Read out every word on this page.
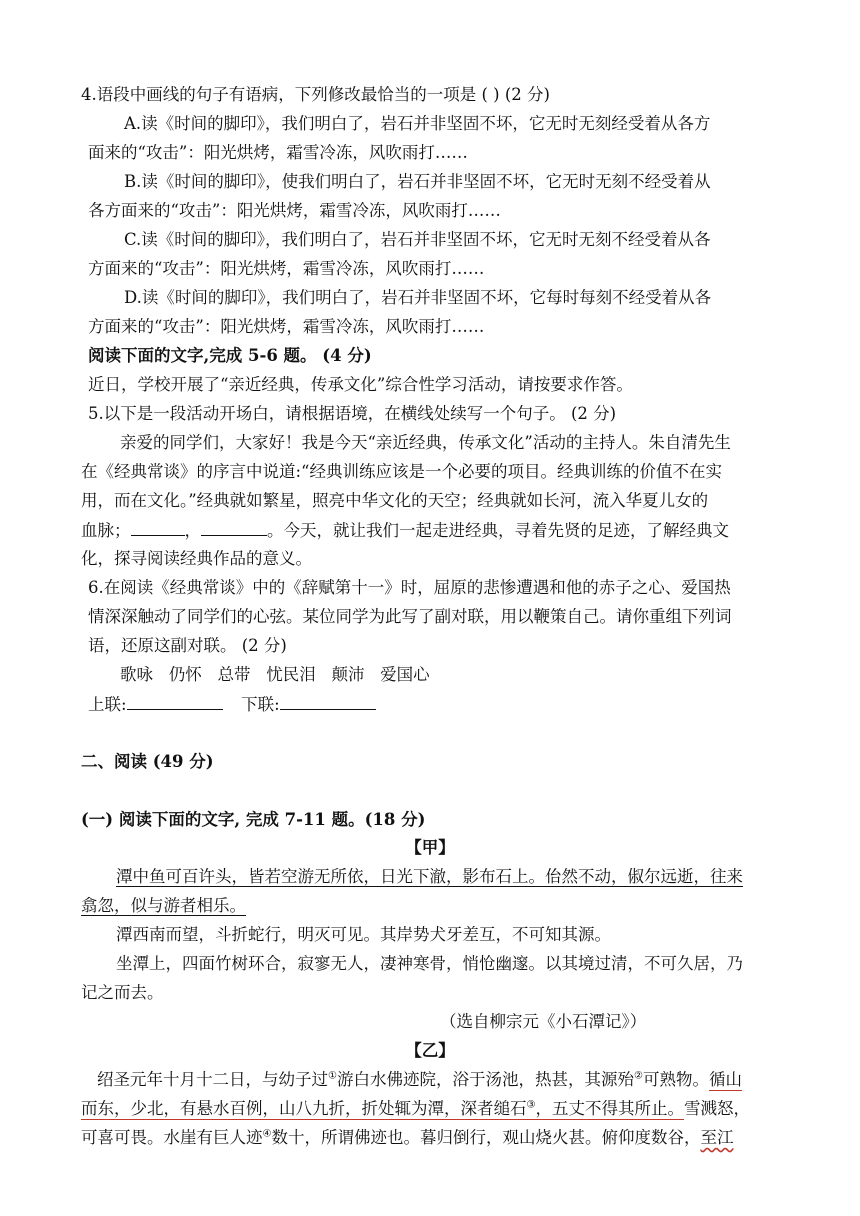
4.语段中画线的句子有语病，下列修改最恰当的一项是 ( ) (2 分)
A.读《时间的脚印》，我们明白了，岩石并非坚固不坏，它无时无刻经受着从各方
面来的“攻击”：阳光烘烤，霜雪冷冻，风吹雨打……
B.读《时间的脚印》，使我们明白了，岩石并非坚固不坏，它无时无刻不经受着从
各方面来的“攻击”：阳光烘烤，霜雪冷冻，风吹雨打……
C.读《时间的脚印》，我们明白了，岩石并非坚固不坏，它无时无刻不经受着从各
方面来的“攻击”：阳光烘烤，霜雪冷冻，风吹雨打……
D.读《时间的脚印》，我们明白了，岩石并非坚固不坏，它每时每刻不经受着从各
方面来的“攻击”：阳光烘烤，霜雪冷冻，风吹雨打……
阅读下面的文字,完成 5-6 题。 (4 分)
近日，学校开展了“亲近经典，传承文化”综合性学习活动，请按要求作答。
5.以下是一段活动开场白，请根据语境，在横线处续写一个句子。 (2 分)
亲爱的同学们，大家好！我是今天“亲近经典，传承文化”活动的主持人。朱自清先生
在《经典常谈》的序言中说道:“经典训练应该是一个必要的项目。经典训练的价值不在实
用，而在文化。”经典就如繁星，照亮中华文化的天空；经典就如长河，流入华夏儿女的
血脉；	，	。今天，就让我们一起走进经典，寻着先贤的足迹，了解经典文
化，探寻阅读经典作品的意义。
6.在阅读《经典常谈》中的《辞赋第十一》时，屈原的悲惨遭遇和他的赤子之心、爱国热
情深深触动了同学们的心弦。某位同学为此写了副对联，用以鞭策自己。请你重组下列词
语，还原这副对联。 (2 分)
歌咏   仍怀   总带   忧民泪   颠沛   爱国心
上联:	下联:
二、阅读 (49 分)
(一) 阅读下面的文字, 完成 7-11 题。(18 分)
【甲】
潭中鱼可百许头，皆若空游无所依，日光下澈，影布石上。佁然不动，俶尔远逝，往来
翕忽，似与游者相乐。
潭西南而望，斗折蛇行，明灭可见。其岸势犬牙差互，不可知其源。
坐潭上，四面竹树环合，寂寥无人，凄神寒骨，悄怆幽邃。以其境过清，不可久居，乃
记之而去。
（选自柳宗元《小石潭记》）
【乙】
绍圣元年十月十二日，与幼子过①游白水佛迹院，浴于汤池，热甚，其源殆②可熟物。循山
而东，少北，有悬水百例，山八九折，折处辄为潭，深者缒石③，五丈不得其所止。雪溅怒，
可喜可畏。水崖有巨人迹④数十，所谓佛迹也。暮归倒行，观山烧火甚。俯仰度数谷，至江
